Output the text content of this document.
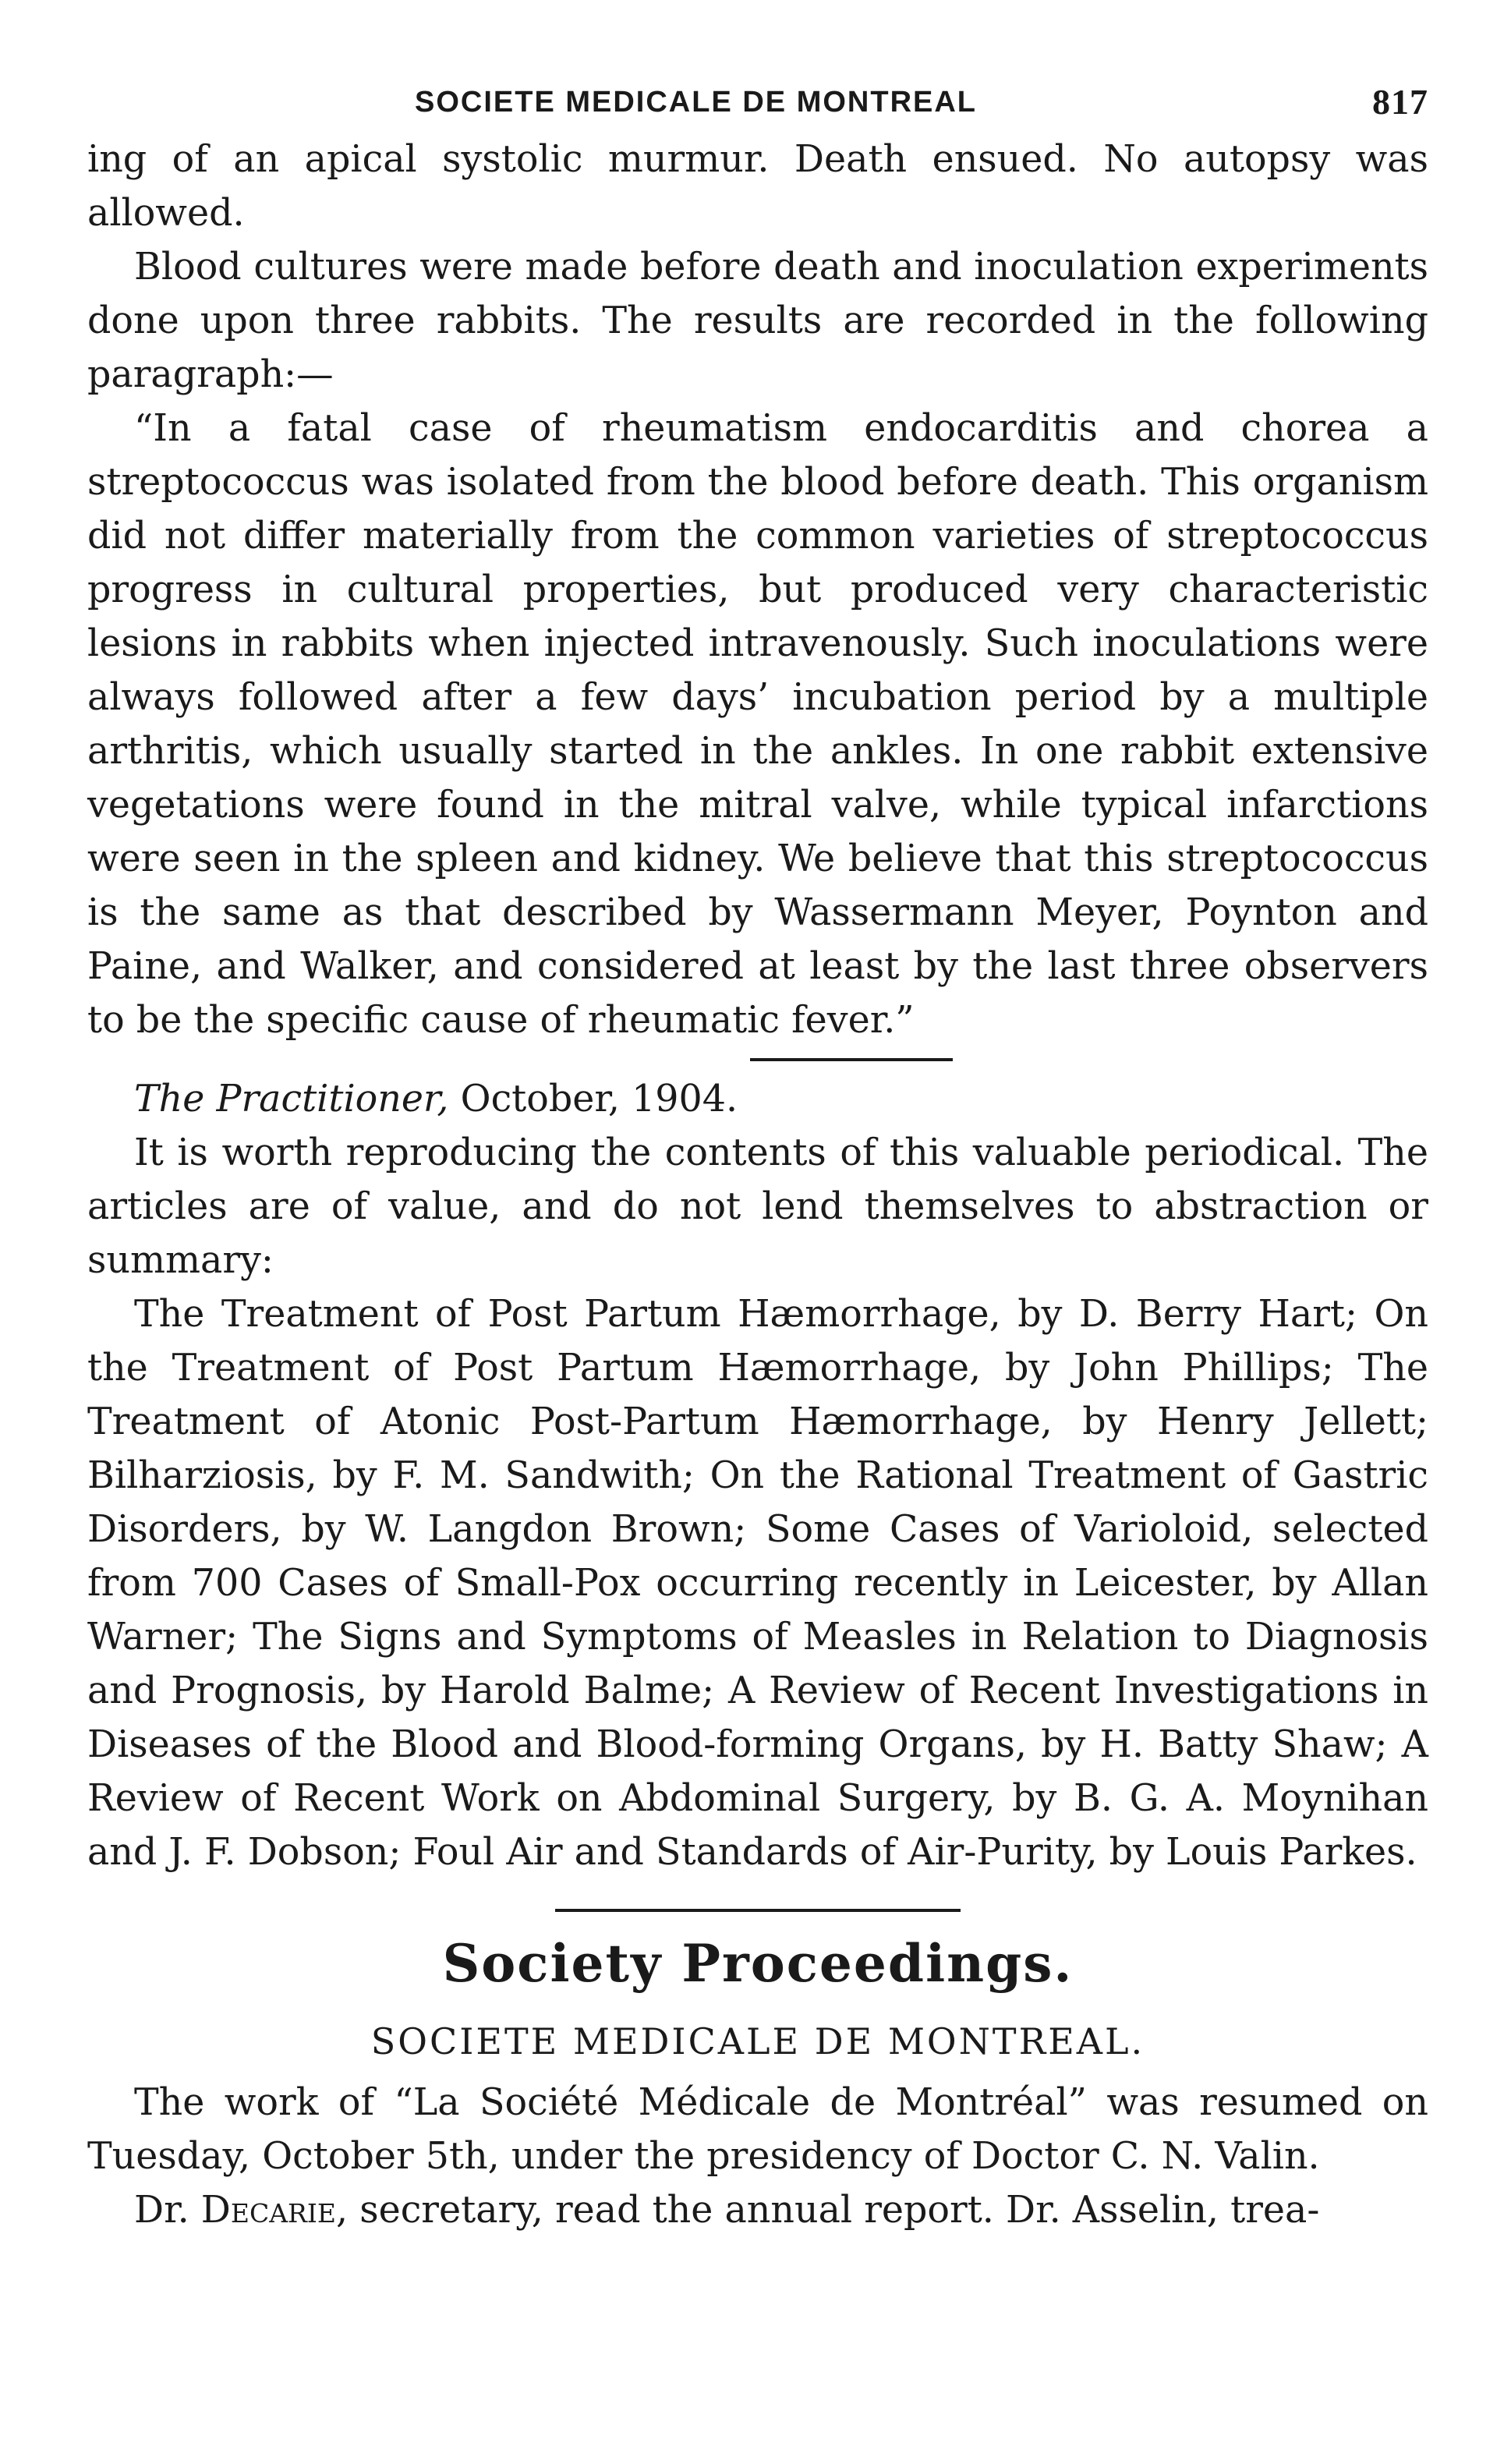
SOCIETE MEDICALE DE MONTREAL	817

ing of an apical systolic murmur. Death ensued. No autopsy was allowed.

Blood cultures were made before death and inoculation experiments done upon three rabbits. The results are recorded in the following paragraph:—

“In a fatal case of rheumatism endocarditis and chorea a streptococcus was isolated from the blood before death. This organism did not differ materially from the common varieties of streptococcus progress in cultural properties, but produced very characteristic lesions in rabbits when injected intravenously. Such inoculations were always followed after a few days’ incubation period by a multiple arthritis, which usually started in the ankles. In one rabbit extensive vegetations were found in the mitral valve, while typical infarctions were seen in the spleen and kidney. We believe that this streptococcus is the same as that described by Wassermann Meyer, Poynton and Paine, and Walker, and considered at least by the last three observers to be the specific cause of rheumatic fever.”

The Practitioner, October, 1904.

It is worth reproducing the contents of this valuable periodical. The articles are of value, and do not lend themselves to abstraction or summary:

The Treatment of Post Partum Hæmorrhage, by D. Berry Hart; On the Treatment of Post Partum Hæmorrhage, by John Phillips; The Treatment of Atonic Post-Partum Hæmorrhage, by Henry Jellett; Bilharziosis, by F. M. Sandwith; On the Rational Treatment of Gastric Disorders, by W. Langdon Brown; Some Cases of Varioloid, selected from 700 Cases of Small-Pox occurring recently in Leicester, by Allan Warner; The Signs and Symptoms of Measles in Relation to Diagnosis and Prognosis, by Harold Balme; A Review of Recent Investigations in Diseases of the Blood and Blood-forming Organs, by H. Batty Shaw; A Review of Recent Work on Abdominal Surgery, by B. G. A. Moynihan and J. F. Dobson; Foul Air and Standards of Air-Purity, by Louis Parkes.

Society Proceedings.
SOCIETE MEDICALE DE MONTREAL.

The work of “La Société Médicale de Montréal” was resumed on Tuesday, October 5th, under the presidency of Doctor C. N. Valin.

Dr. Decarie, secretary, read the annual report. Dr. Asselin, trea-
